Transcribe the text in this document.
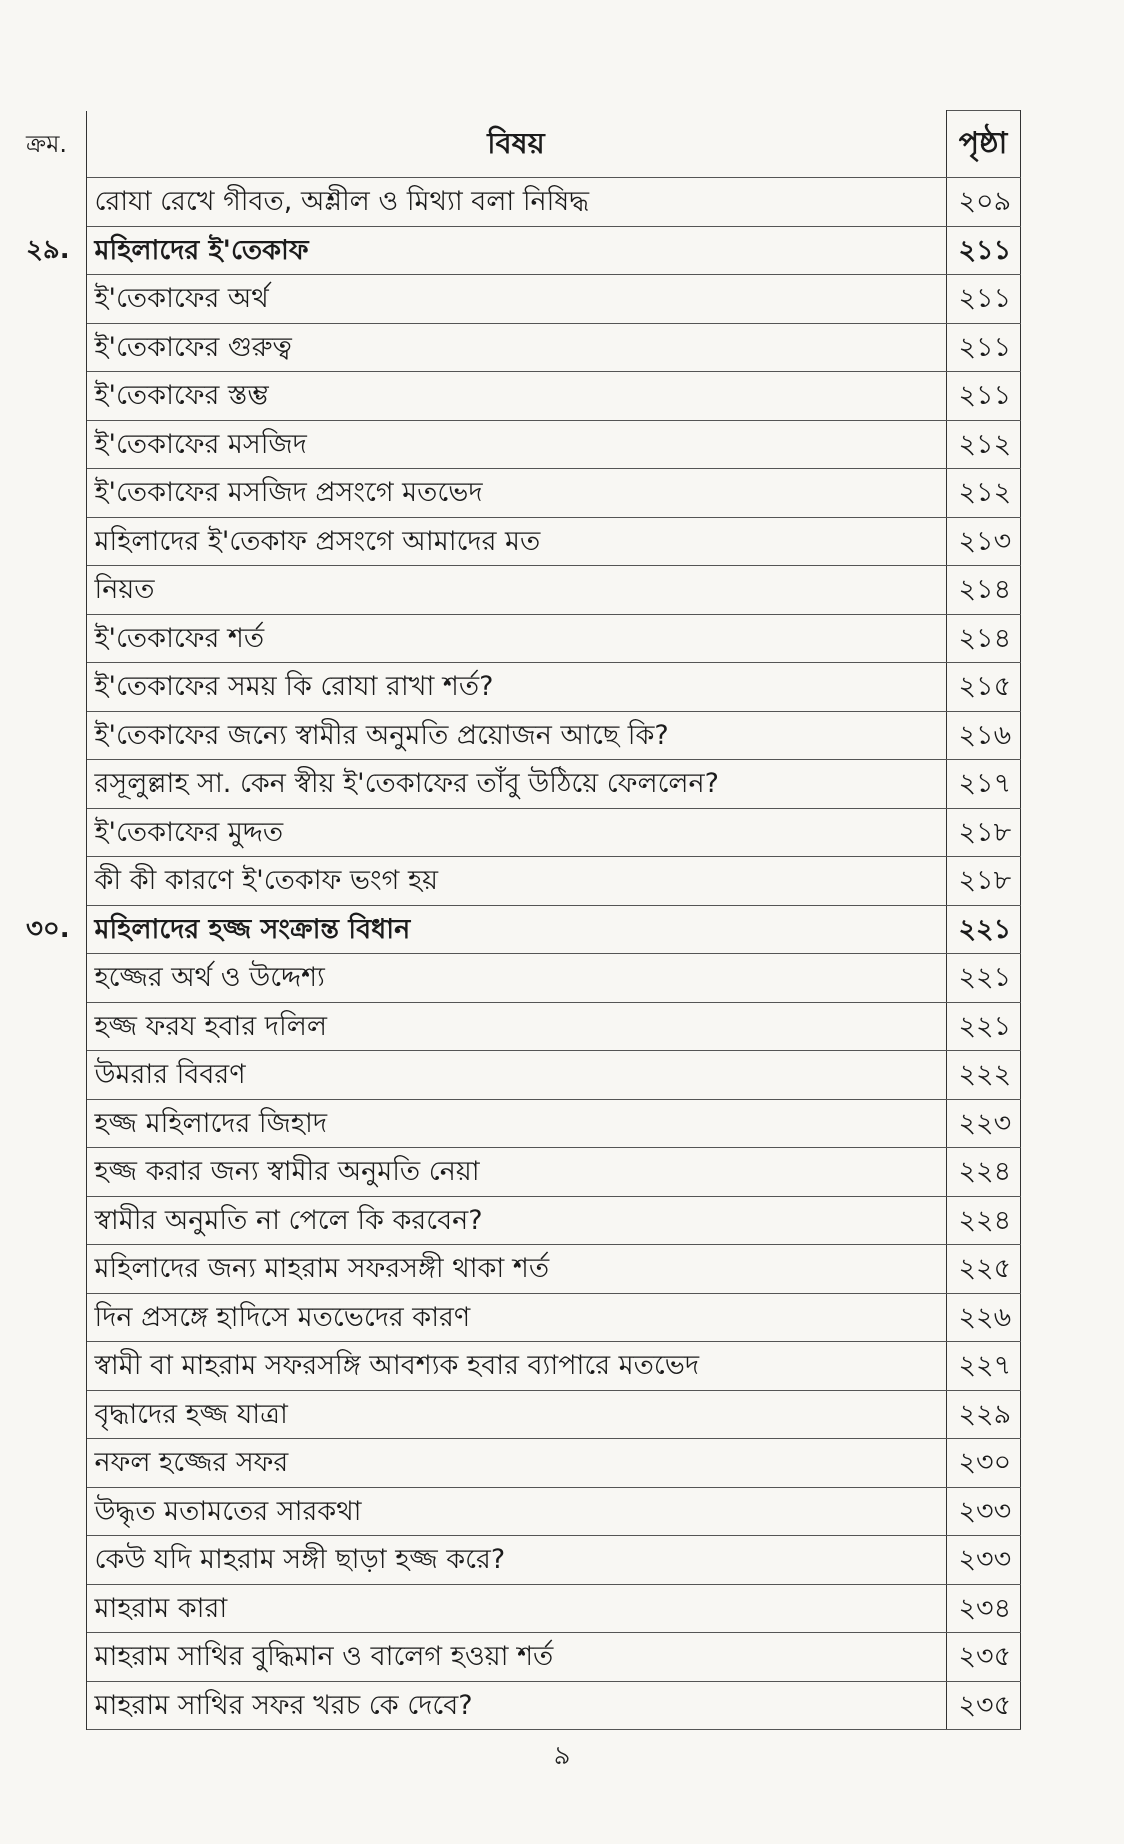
ক্রম.	বিষয়	পৃষ্ঠা
	রোযা রেখে গীবত, অশ্লীল ও মিথ্যা বলা নিষিদ্ধ	২০৯
২৯.	মহিলাদের ই'তেকাফ	২১১
	ই'তেকাফের অর্থ	২১১
	ই'তেকাফের গুরুত্ব	২১১
	ই'তেকাফের স্তম্ভ	২১১
	ই'তেকাফের মসজিদ	২১২
	ই'তেকাফের মসজিদ প্রসংগে মতভেদ	২১২
	মহিলাদের ই'তেকাফ প্রসংগে আমাদের মত	২১৩
	নিয়ত	২১৪
	ই'তেকাফের শর্ত	২১৪
	ই'তেকাফের সময় কি রোযা রাখা শর্ত?	২১৫
	ই'তেকাফের জন্যে স্বামীর অনুমতি প্রয়োজন আছে কি?	২১৬
	রসূলুল্লাহ সা. কেন স্বীয় ই'তেকাফের তাঁবু উঠিয়ে ফেললেন?	২১৭
	ই'তেকাফের মুদ্দত	২১৮
	কী কী কারণে ই'তেকাফ ভংগ হয়	২১৮
৩০.	মহিলাদের হজ্জ সংক্রান্ত বিধান	২২১
	হজ্জের অর্থ ও উদ্দেশ্য	২২১
	হজ্জ ফরয হবার দলিল	২২১
	উমরার বিবরণ	২২২
	হজ্জ মহিলাদের জিহাদ	২২৩
	হজ্জ করার জন্য স্বামীর অনুমতি নেয়া	২২৪
	স্বামীর অনুমতি না পেলে কি করবেন?	২২৪
	মহিলাদের জন্য মাহরাম সফরসঙ্গী থাকা শর্ত	২২৫
	দিন প্রসঙ্গে হাদিসে মতভেদের কারণ	২২৬
	স্বামী বা মাহরাম সফরসঙ্গি আবশ্যক হবার ব্যাপারে মতভেদ	২২৭
	বৃদ্ধাদের হজ্জ যাত্রা	২২৯
	নফল হজ্জের সফর	২৩০
	উদ্ধৃত মতামতের সারকথা	২৩৩
	কেউ যদি মাহরাম সঙ্গী ছাড়া হজ্জ করে?	২৩৩
	মাহরাম কারা	২৩৪
	মাহরাম সাথির বুদ্ধিমান ও বালেগ হওয়া শর্ত	২৩৫
	মাহরাম সাথির সফর খরচ কে দেবে?	২৩৫
৯
